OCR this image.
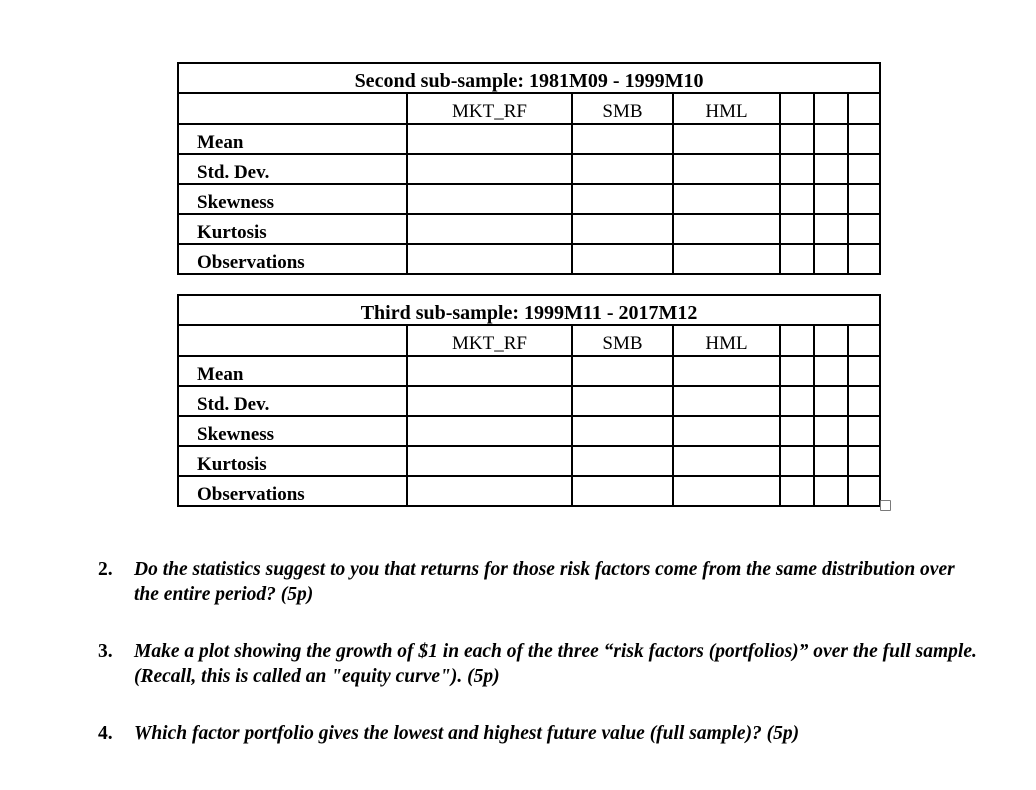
Second sub-sample: 1981M09 - 1999M10						
	MKT_RF	SMB	HML			
Mean						
Std. Dev.						
Skewness						
Kurtosis						
Observations						
Third sub-sample: 1999M11 - 2017M12						
	MKT_RF	SMB	HML			
Mean						
Std. Dev.						
Skewness						
Kurtosis						
Observations						
2. Do the statistics suggest to you that returns for those risk factors come from the same distribution over the entire period? (5p)
3. Make a plot showing the growth of $1 in each of the three “risk factors (portfolios)” over the full sample. (Recall, this is called an "equity curve"). (5p)
4. Which factor portfolio gives the lowest and highest future value (full sample)? (5p)
